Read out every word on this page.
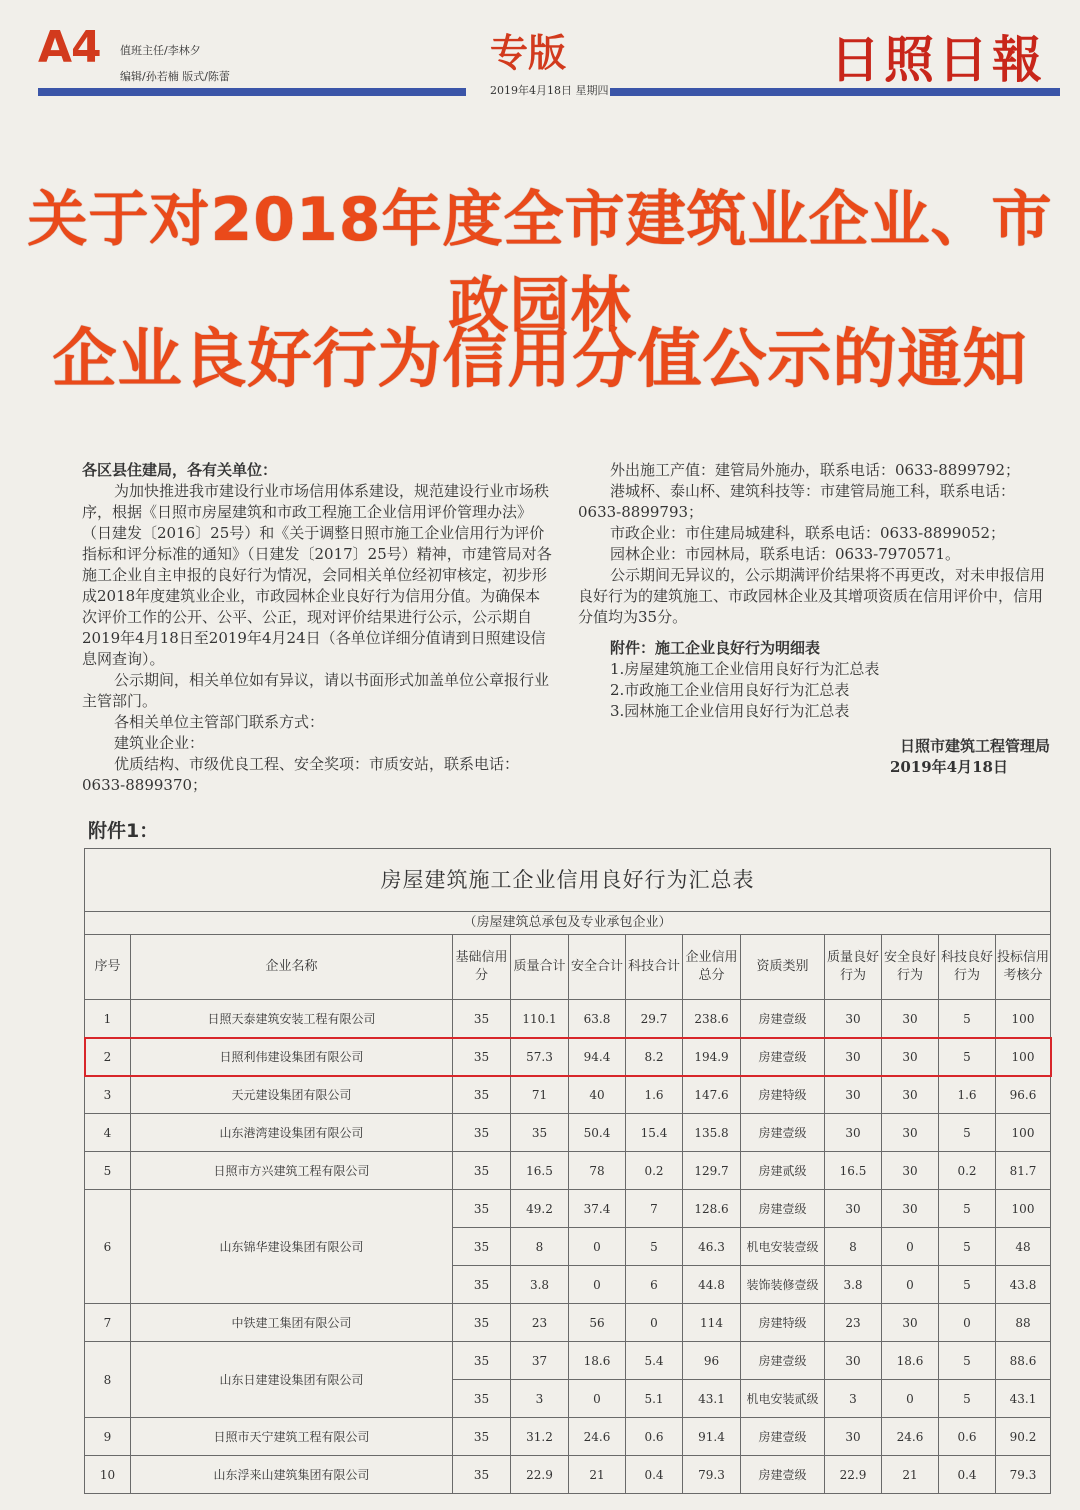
A4 值班主任/李林夕
编辑/孙若楠 版式/陈蕾
专版
2019年4月18日 星期四
日照日報
关于对2018年度全市建筑业企业、市政园林
企业良好行为信用分值公示的通知

各区县住建局，各有关单位：

为加快推进我市建设行业市场信用体系建设，规范建设行业市场秩序，根据《日照市房屋建筑和市政工程施工企业信用评价管理办法》（日建发〔2016〕25号）和《关于调整日照市施工企业信用行为评价指标和评分标准的通知》（日建发〔2017〕25号）精神，市建管局对各施工企业自主申报的良好行为情况，会同相关单位经初审核定，初步形成2018年度建筑业企业，市政园林企业良好行为信用分值。为确保本次评价工作的公开、公平、公正，现对评价结果进行公示，公示期自2019年4月18日至2019年4月24日（各单位详细分值请到日照建设信息网查询）。

公示期间，相关单位如有异议，请以书面形式加盖单位公章报行业主管部门。

各相关单位主管部门联系方式：

建筑业企业：

优质结构、市级优良工程、安全奖项：市质安站，联系电话：0633-8899370；

外出施工产值：建管局外施办，联系电话：0633-8899792；

港城杯、泰山杯、建筑科技等：市建管局施工科，联系电话：0633-8899793；

市政企业：市住建局城建科，联系电话：0633-8899052；

园林企业：市园林局，联系电话：0633-7970571。

公示期间无异议的，公示期满评价结果将不再更改，对未申报信用良好行为的建筑施工、市政园林企业及其增项资质在信用评价中，信用分值均为35分。

附件：施工企业良好行为明细表

1.房屋建筑施工企业信用良好行为汇总表

2.市政施工企业信用良好行为汇总表

3.园林施工企业信用良好行为汇总表

日照市建筑工程管理局
2019年4月18日
附件1：
房屋建筑施工企业信用良好行为汇总表											
（房屋建筑总承包及专业承包企业）											
序号	企业名称	基础信用分	质量合计	安全合计	科技合计	企业信用总分	资质类别	质量良好行为	安全良好行为	科技良好行为	投标信用考核分
1	日照天泰建筑安装工程有限公司	35	110.1	63.8	29.7	238.6	房建壹级	30	30	5	100
2	日照利伟建设集团有限公司	35	57.3	94.4	8.2	194.9	房建壹级	30	30	5	100
3	天元建设集团有限公司	35	71	40	1.6	147.6	房建特级	30	30	1.6	96.6
4	山东港湾建设集团有限公司	35	35	50.4	15.4	135.8	房建壹级	30	30	5	100
5	日照市方兴建筑工程有限公司	35	16.5	78	0.2	129.7	房建贰级	16.5	30	0.2	81.7
6	山东锦华建设集团有限公司	35	49.2	37.4	7	128.6	房建壹级	30	30	5	100
		35	8	0	5	46.3	机电安装壹级	8	0	5	48
		35	3.8	0	6	44.8	装饰装修壹级	3.8	0	5	43.8
7	中铁建工集团有限公司	35	23	56	0	114	房建特级	23	30	0	88
8	山东日建建设集团有限公司	35	37	18.6	5.4	96	房建壹级	30	18.6	5	88.6
		35	3	0	5.1	43.1	机电安装贰级	3	0	5	43.1
9	日照市天宁建筑工程有限公司	35	31.2	24.6	0.6	91.4	房建壹级	30	24.6	0.6	90.2
10	山东浮来山建筑集团有限公司	35	22.9	21	0.4	79.3	房建壹级	22.9	21	0.4	79.3
